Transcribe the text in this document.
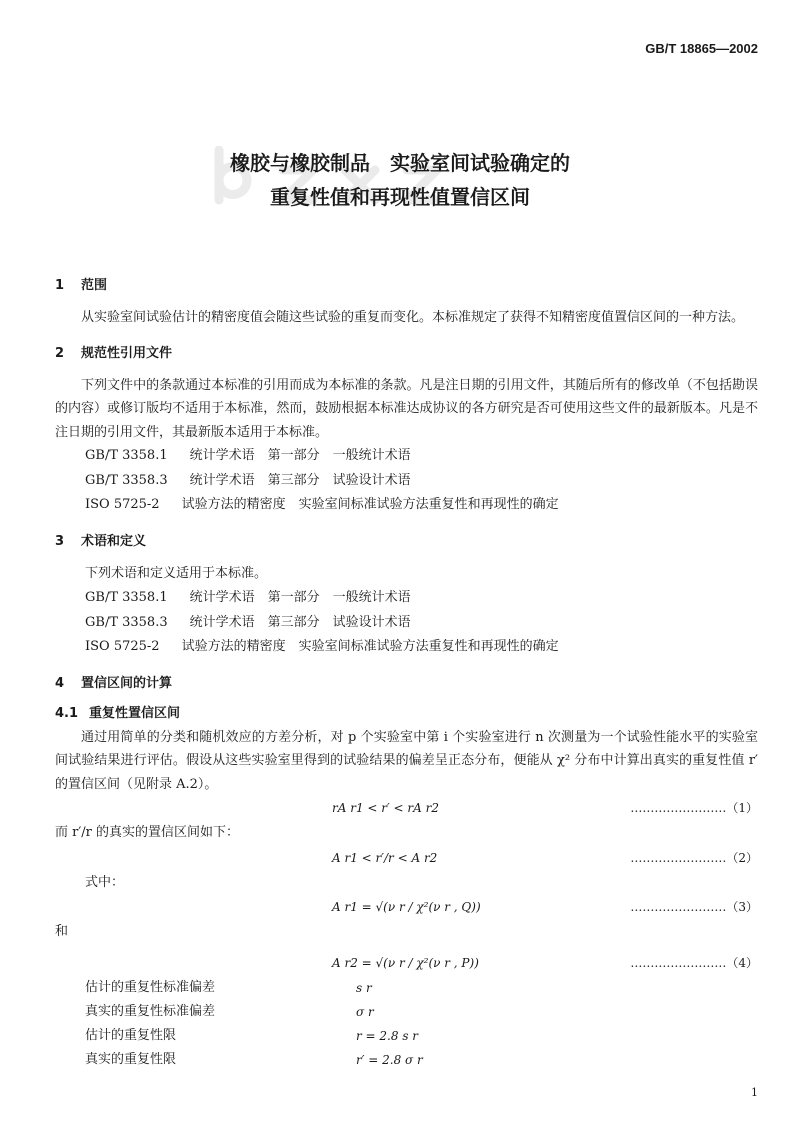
GB/T 18865—2002
橡胶与橡胶制品　实验室间试验确定的
重复性值和再现性值置信区间
1 范围

从实验室间试验估计的精密度值会随这些试验的重复而变化。本标准规定了获得不知精密度值置信区间的一种方法。

2 规范性引用文件

下列文件中的条款通过本标准的引用而成为本标准的条款。凡是注日期的引用文件，其随后所有的修改单（不包括勘误的内容）或修订版均不适用于本标准，然而，鼓励根据本标准达成协议的各方研究是否可使用这些文件的最新版本。凡是不注日期的引用文件，其最新版本适用于本标准。

GB/T 3358.1 统计学术语　第一部分　一般统计术语
GB/T 3358.3 统计学术语　第三部分　试验设计术语
ISO 5725-2 试验方法的精密度　实验室间标准试验方法重复性和再现性的确定
3 术语和定义
下列术语和定义适用于本标准。
GB/T 3358.1 统计学术语　第一部分　一般统计术语
GB/T 3358.3 统计学术语　第三部分　试验设计术语
ISO 5725-2 试验方法的精密度　实验室间标准试验方法重复性和再现性的确定
4 置信区间的计算
4.1 重复性置信区间

通过用简单的分类和随机效应的方差分析，对 p 个实验室中第 i 个实验室进行 n 次测量为一个试验性能水平的实验室间试验结果进行评估。假设从这些实验室里得到的试验结果的偏差呈正态分布，便能从 χ² 分布中计算出真实的重复性值 r′ 的置信区间（见附录 A.2）。

rA r1 < r′ < rA r2	……………………（1）
而 r′/r 的真实的置信区间如下：
A r1 < r′/r < A r2	……………………（2）
式中：
A r1 = √(ν r / χ²(ν r , Q))	……………………（3）
和
A r2 = √(ν r / χ²(ν r , P))	……………………（4）
估计的重复性标准偏差	s r
真实的重复性标准偏差	σ r
估计的重复性限	r = 2.8 s r
真实的重复性限	r′ = 2.8 σ r
1
